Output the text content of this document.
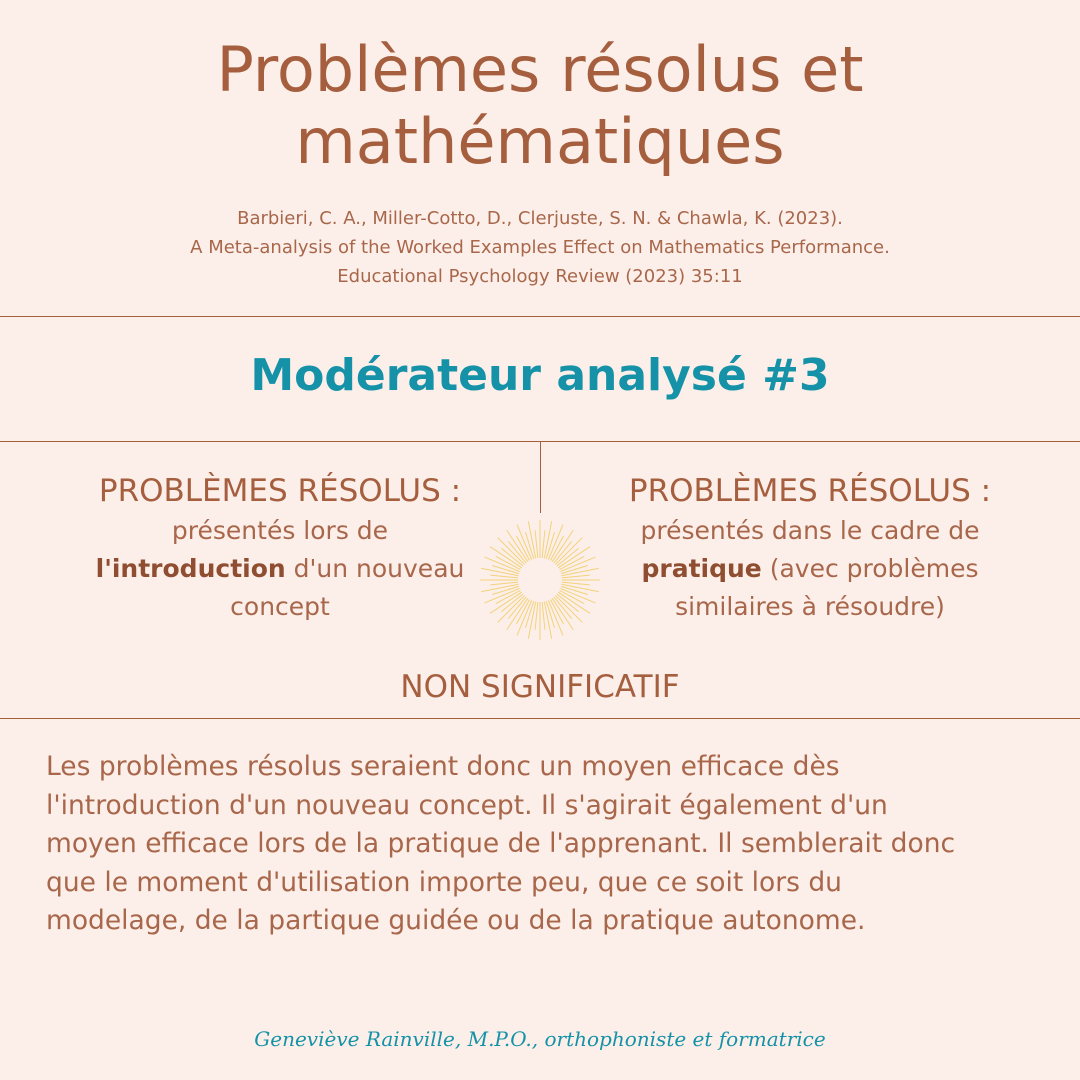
Problèmes résolus et
mathématiques
Barbieri, C. A., Miller-Cotto, D., Clerjuste, S. N. & Chawla, K. (2023).
A Meta-analysis of the Worked Examples Effect on Mathematics Performance.
Educational Psychology Review (2023) 35:11
Modérateur analysé #3
PROBLÈMES RÉSOLUS :
présentés lors de
l'introduction d'un nouveau
concept
PROBLÈMES RÉSOLUS :
présentés dans le cadre de
pratique (avec problèmes
similaires à résoudre)
NON SIGNIFICATIF
Les problèmes résolus seraient donc un moyen efficace dès
l'introduction d'un nouveau concept. Il s'agirait également d'un
moyen efficace lors de la pratique de l'apprenant. Il semblerait donc
que le moment d'utilisation importe peu, que ce soit lors du
modelage, de la partique guidée ou de la pratique autonome.
Geneviève Rainville, M.P.O., orthophoniste et formatrice
